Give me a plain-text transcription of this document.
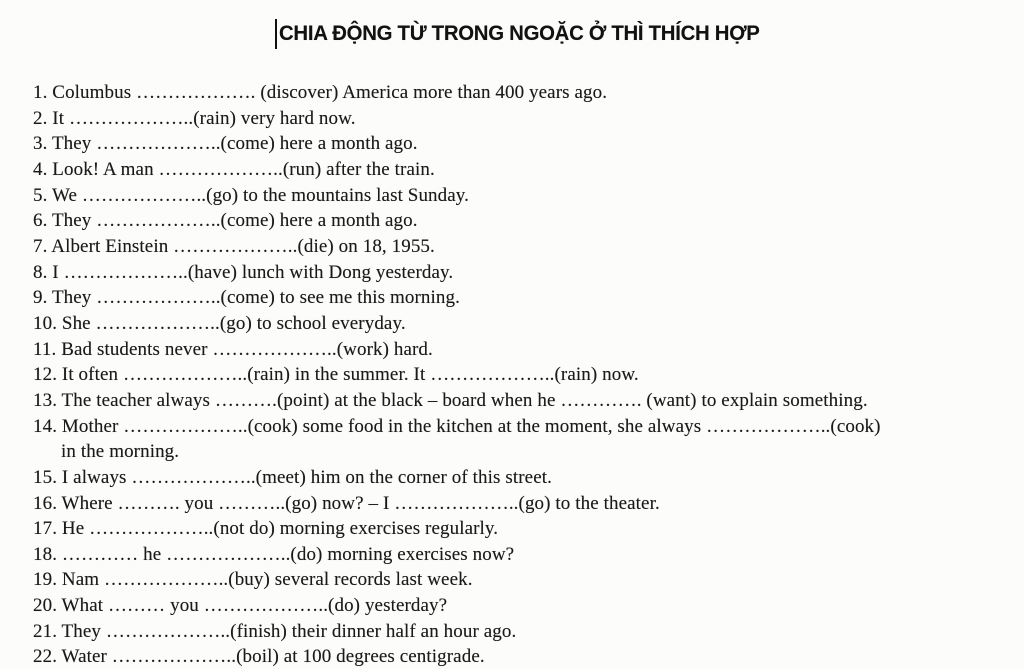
CHIA ĐỘNG TỪ TRONG NGOẶC Ở THÌ THÍCH HỢP
1. Columbus ………………. (discover) America more than 400 years ago.
2. It ………………..(rain) very hard now.
3. They ………………..(come) here a month ago.
4. Look! A man ………………..(run) after the train.
5. We ………………..(go) to the mountains last Sunday.
6. They ………………..(come) here a month ago.
7. Albert Einstein ………………..(die) on 18, 1955.
8. I ………………..(have) lunch with Dong yesterday.
9. They ………………..(come) to see me this morning.
10. She ………………..(go) to school everyday.
11. Bad students never ………………..(work) hard.
12. It often ………………..(rain) in the summer. It ………………..(rain) now.
13. The teacher always ……….(point) at the black – board when he …………. (want) to explain something.
14. Mother ………………..(cook) some food in the kitchen at the moment, she always ………………..(cook)
in the morning.
15. I always ………………..(meet) him on the corner of this street.
16. Where ………. you ………..(go) now? – I ………………..(go) to the theater.
17. He ………………..(not do) morning exercises regularly.
18. ………… he ………………..(do) morning exercises now?
19. Nam ………………..(buy) several records last week.
20. What ……… you ………………..(do) yesterday?
21. They ………………..(finish) their dinner half an hour ago.
22. Water ………………..(boil) at 100 degrees centigrade.
